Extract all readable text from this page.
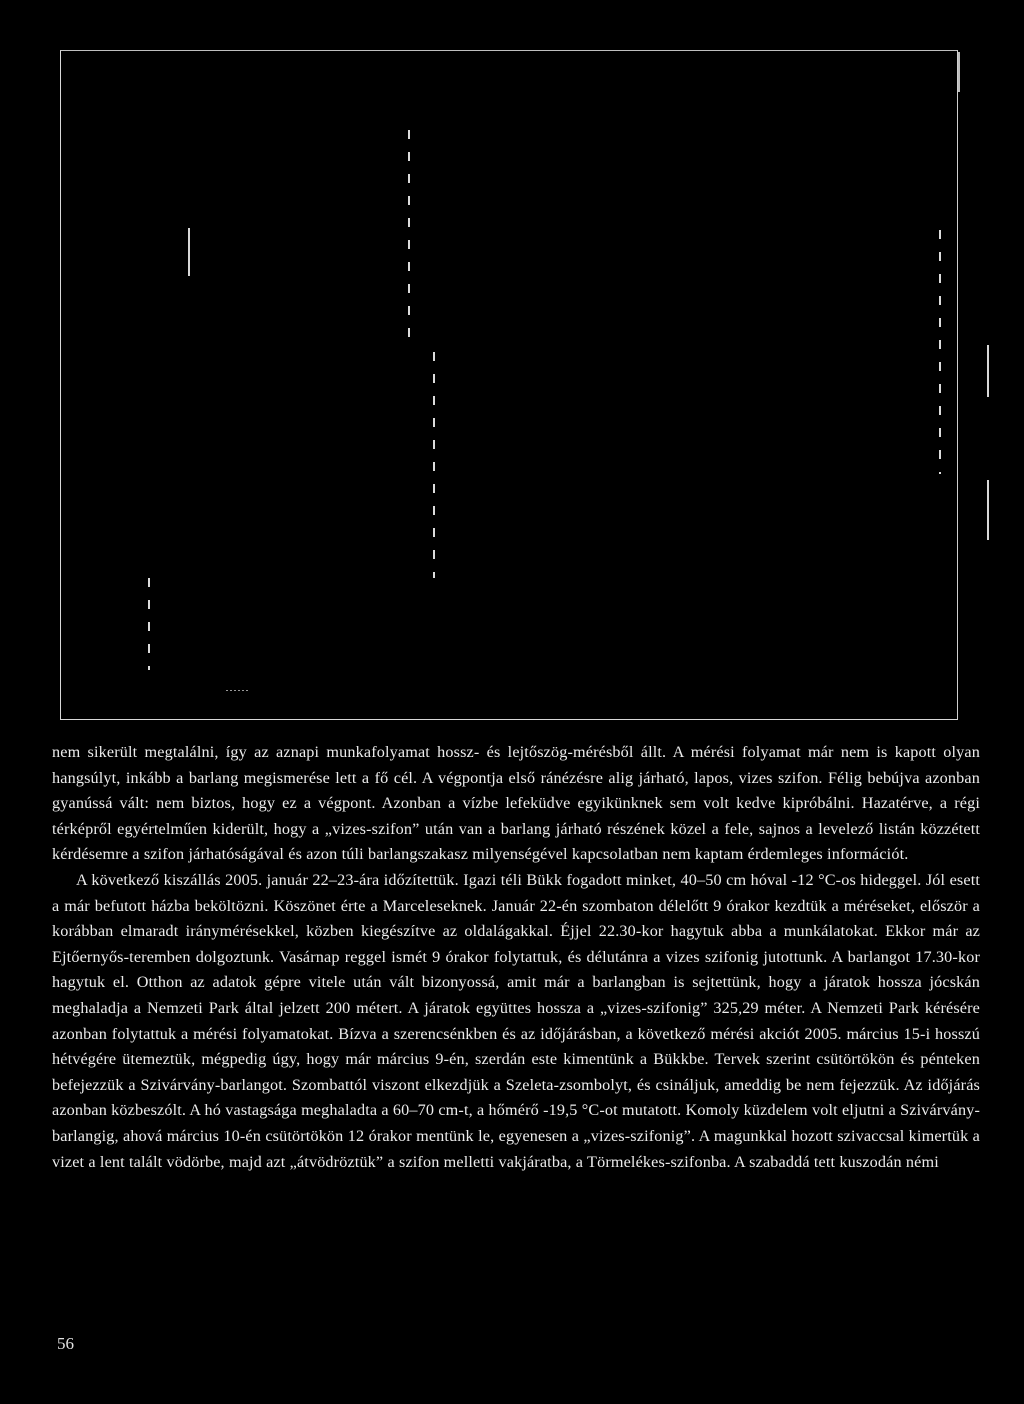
nem sikerült megtalálni, így az aznapi munkafolyamat hossz- és lejtőszög-mérésből állt. A mérési folyamat már nem is kapott olyan hangsúlyt, inkább a barlang megismerése lett a fő cél. A végpontja első ránézésre alig járható, lapos, vizes szifon. Félig bebújva azonban gyanússá vált: nem biztos, hogy ez a végpont. Azonban a vízbe lefeküdve egyikünknek sem volt kedve kipróbálni. Hazatérve, a régi térképről egyértelműen kiderült, hogy a „vizes-szifon” után van a barlang járható részének közel a fele, sajnos a levelező listán közzétett kérdésemre a szifon járhatóságával és azon túli barlangszakasz milyenségével kapcsolatban nem kaptam érdemleges információt.

A következő kiszállás 2005. január 22–23-ára időzítettük. Igazi téli Bükk fogadott minket, 40–50 cm hóval -12 °C-os hideggel. Jól esett a már befutott házba beköltözni. Köszönet érte a Marceleseknek. Január 22-én szombaton délelőtt 9 órakor kezdtük a méréseket, először a korábban elmaradt iránymérésekkel, közben kiegészítve az oldalágakkal. Éjjel 22.30-kor hagytuk abba a munkálatokat. Ekkor már az Ejtőernyős-teremben dolgoztunk. Vasárnap reggel ismét 9 órakor folytattuk, és délutánra a vizes szifonig jutottunk. A barlangot 17.30-kor hagytuk el. Otthon az adatok gépre vitele után vált bizonyossá, amit már a barlangban is sejtettünk, hogy a járatok hossza jócskán meghaladja a Nemzeti Park által jelzett 200 métert. A járatok együttes hossza a „vizes-szifonig” 325,29 méter. A Nemzeti Park kérésére azonban folytattuk a mérési folyamatokat. Bízva a szerencsénkben és az időjárásban, a következő mérési akciót 2005. március 15-i hosszú hétvégére ütemeztük, mégpedig úgy, hogy már március 9-én, szerdán este kimentünk a Bükkbe. Tervek szerint csütörtökön és pénteken befejezzük a Szivárvány-barlangot. Szombattól viszont elkezdjük a Szeleta-zsombolyt, és csináljuk, ameddig be nem fejezzük. Az időjárás azonban közbeszólt. A hó vastagsága meghaladta a 60–70 cm-t, a hőmérő -19,5 °C-ot mutatott. Komoly küzdelem volt eljutni a Szivárvány-barlangig, ahová március 10-én csütörtökön 12 órakor mentünk le, egyenesen a „vizes-szifonig”. A magunkkal hozott szivaccsal kimertük a vizet a lent talált vödörbe, majd azt „átvödröztük” a szifon melletti vakjáratba, a Törmelékes-szifonba. A szabaddá tett kuszodán némi

56
